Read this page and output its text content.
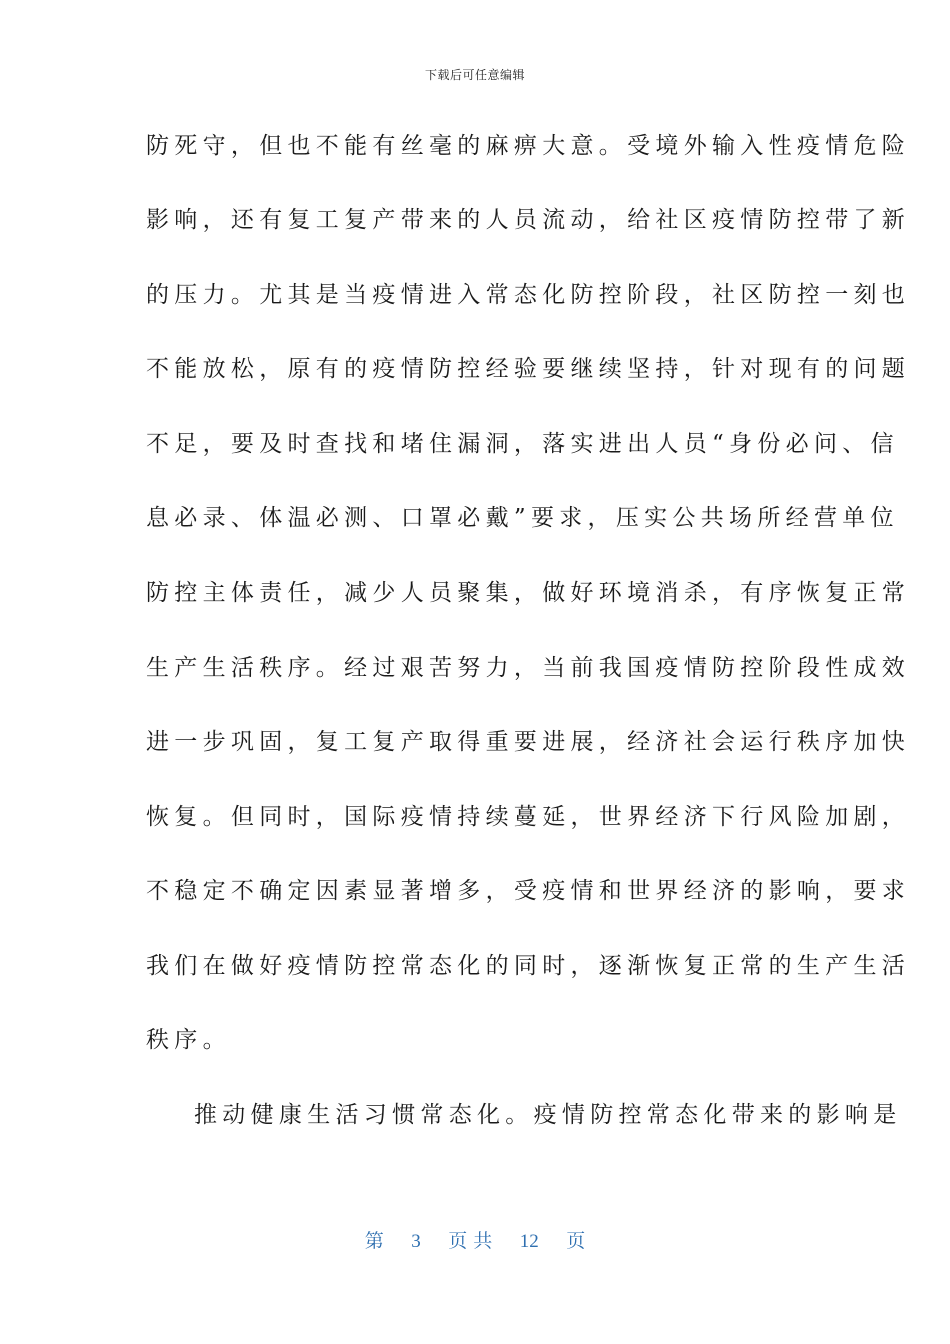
下载后可任意编辑
防死守，但也不能有丝毫的麻痹大意。受境外输入性疫情危险
影响，还有复工复产带来的人员流动，给社区疫情防控带了新
的压力。尤其是当疫情进入常态化防控阶段，社区防控一刻也
不能放松，原有的疫情防控经验要继续坚持，针对现有的问题
不足，要及时查找和堵住漏洞，落实进出人员“身份必问、信
息必录、体温必测、口罩必戴”要求，压实公共场所经营单位
防控主体责任，减少人员聚集，做好环境消杀，有序恢复正常
生产生活秩序。经过艰苦努力，当前我国疫情防控阶段性成效
进一步巩固，复工复产取得重要进展，经济社会运行秩序加快
恢复。但同时，国际疫情持续蔓延，世界经济下行风险加剧，
不稳定不确定因素显著增多，受疫情和世界经济的影响，要求
我们在做好疫情防控常态化的同时，逐渐恢复正常的生产生活
秩序。
推动健康生活习惯常态化。疫情防控常态化带来的影响是
第 3 页共 12 页
